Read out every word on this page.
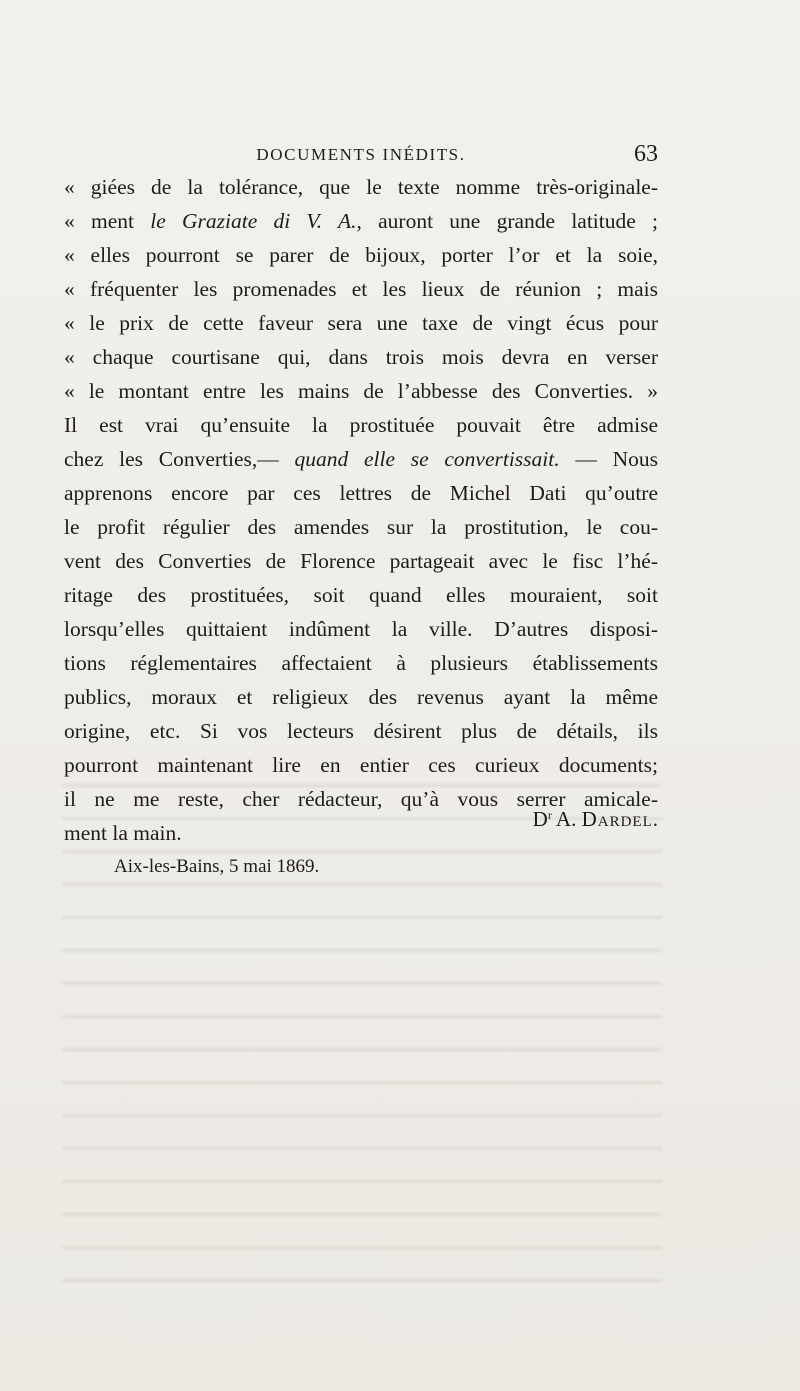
DOCUMENTS INÉDITS.	63
« giées de la tolérance, que le texte nomme très-originale-
« ment le Graziate di V. A., auront une grande latitude ;
« elles pourront se parer de bijoux, porter l’or et la soie,
« fréquenter les promenades et les lieux de réunion ; mais
« le prix de cette faveur sera une taxe de vingt écus pour
« chaque courtisane qui, dans trois mois devra en verser
« le montant entre les mains de l’abbesse des Converties. »
Il est vrai qu’ensuite la prostituée pouvait être admise
chez les Converties,— quand elle se convertissait. — Nous
apprenons encore par ces lettres de Michel Dati qu’outre
le profit régulier des amendes sur la prostitution, le cou-
vent des Converties de Florence partageait avec le fisc l’hé-
ritage des prostituées, soit quand elles mouraient, soit
lorsqu’elles quittaient indûment la ville. D’autres disposi-
tions réglementaires affectaient à plusieurs établissements
publics, moraux et religieux des revenus ayant la même
origine, etc. Si vos lecteurs désirent plus de détails, ils
pourront maintenant lire en entier ces curieux documents;
il ne me reste, cher rédacteur, qu’à vous serrer amicale-
ment la main.
$D^r$ A. Dardel.
Aix-les-Bains, 5 mai 1869.
